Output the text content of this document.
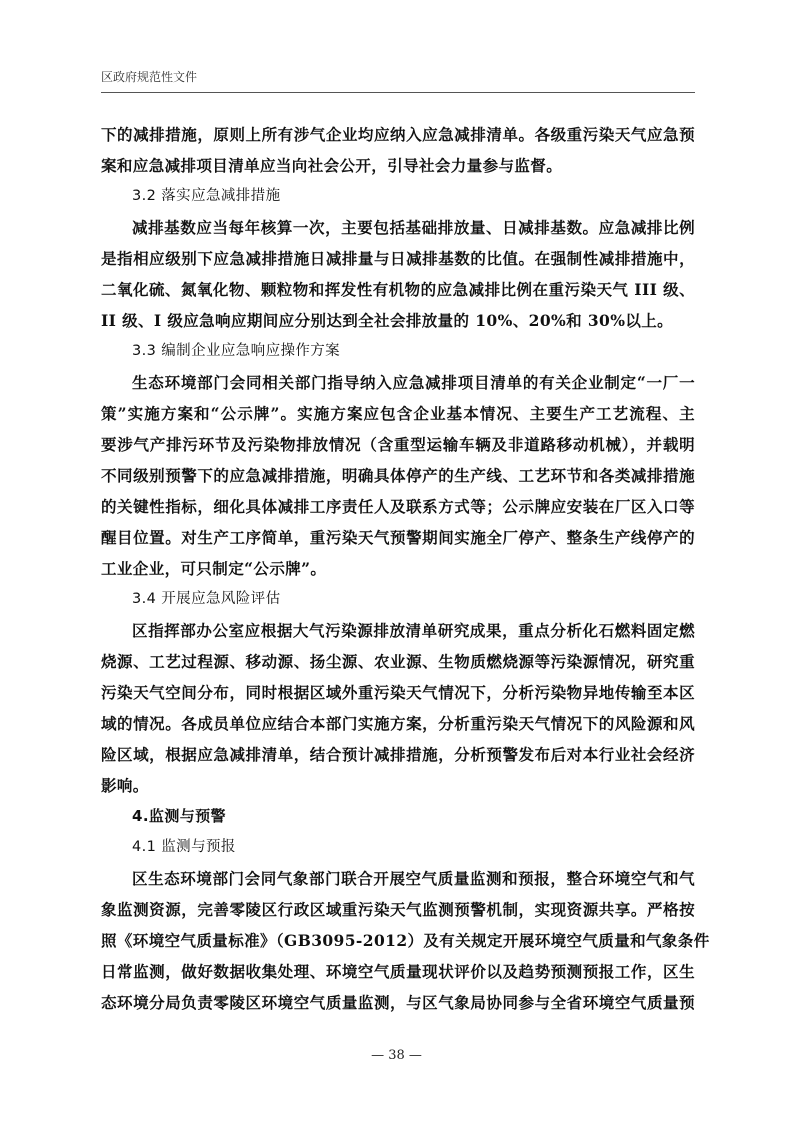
区政府规范性文件
下的减排措施，原则上所有涉气企业均应纳入应急减排清单。各级重污染天气应急预
案和应急减排项目清单应当向社会公开，引导社会力量参与监督。
3.2 落实应急减排措施
减排基数应当每年核算一次，主要包括基础排放量、日减排基数。应急减排比例
是指相应级别下应急减排措施日减排量与日减排基数的比值。在强制性减排措施中，
二氧化硫、氮氧化物、颗粒物和挥发性有机物的应急减排比例在重污染天气 III 级、
II 级、I 级应急响应期间应分别达到全社会排放量的 10%、20%和 30%以上。
3.3 编制企业应急响应操作方案
生态环境部门会同相关部门指导纳入应急减排项目清单的有关企业制定“一厂一
策”实施方案和“公示牌”。实施方案应包含企业基本情况、主要生产工艺流程、主
要涉气产排污环节及污染物排放情况（含重型运输车辆及非道路移动机械），并载明
不同级别预警下的应急减排措施，明确具体停产的生产线、工艺环节和各类减排措施
的关键性指标，细化具体减排工序责任人及联系方式等；公示牌应安装在厂区入口等
醒目位置。对生产工序简单，重污染天气预警期间实施全厂停产、整条生产线停产的
工业企业，可只制定“公示牌”。
3.4 开展应急风险评估
区指挥部办公室应根据大气污染源排放清单研究成果，重点分析化石燃料固定燃
烧源、工艺过程源、移动源、扬尘源、农业源、生物质燃烧源等污染源情况，研究重
污染天气空间分布，同时根据区域外重污染天气情况下，分析污染物异地传输至本区
域的情况。各成员单位应结合本部门实施方案，分析重污染天气情况下的风险源和风
险区域，根据应急减排清单，结合预计减排措施，分析预警发布后对本行业社会经济
影响。
4.监测与预警
4.1 监测与预报
区生态环境部门会同气象部门联合开展空气质量监测和预报，整合环境空气和气
象监测资源，完善零陵区行政区域重污染天气监测预警机制，实现资源共享。严格按
照《环境空气质量标准》（GB3095-2012）及有关规定开展环境空气质量和气象条件
日常监测，做好数据收集处理、环境空气质量现状评价以及趋势预测预报工作，区生
态环境分局负责零陵区环境空气质量监测，与区气象局协同参与全省环境空气质量预
— 38 —
